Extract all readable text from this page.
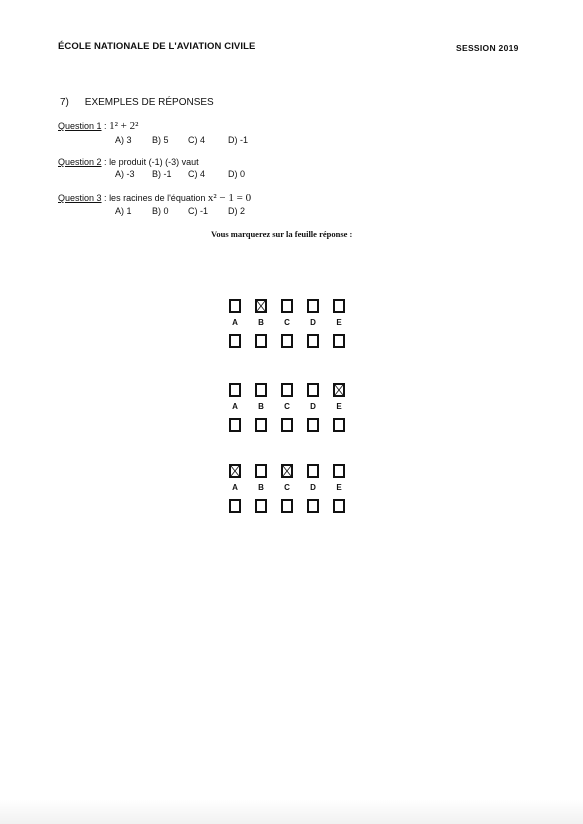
ÉCOLE NATIONALE DE L'AVIATION CIVILE	SESSION 2019
7) EXEMPLES DE RÉPONSES
Question 1 : 1² + 2²
A) 3 B) 5 C) 4	D) -1
Question 2 : le produit (-1) (-3) vaut
A) -3 B) -1 C) 4	D) 0
Question 3 : les racines de l'équation x² − 1 = 0
A) 1 B) 0 C) -1 D) 2
Vous marquerez sur la feuille réponse :
A	B	C	D	E
A	B	C	D	E
A	B	C	D	E
